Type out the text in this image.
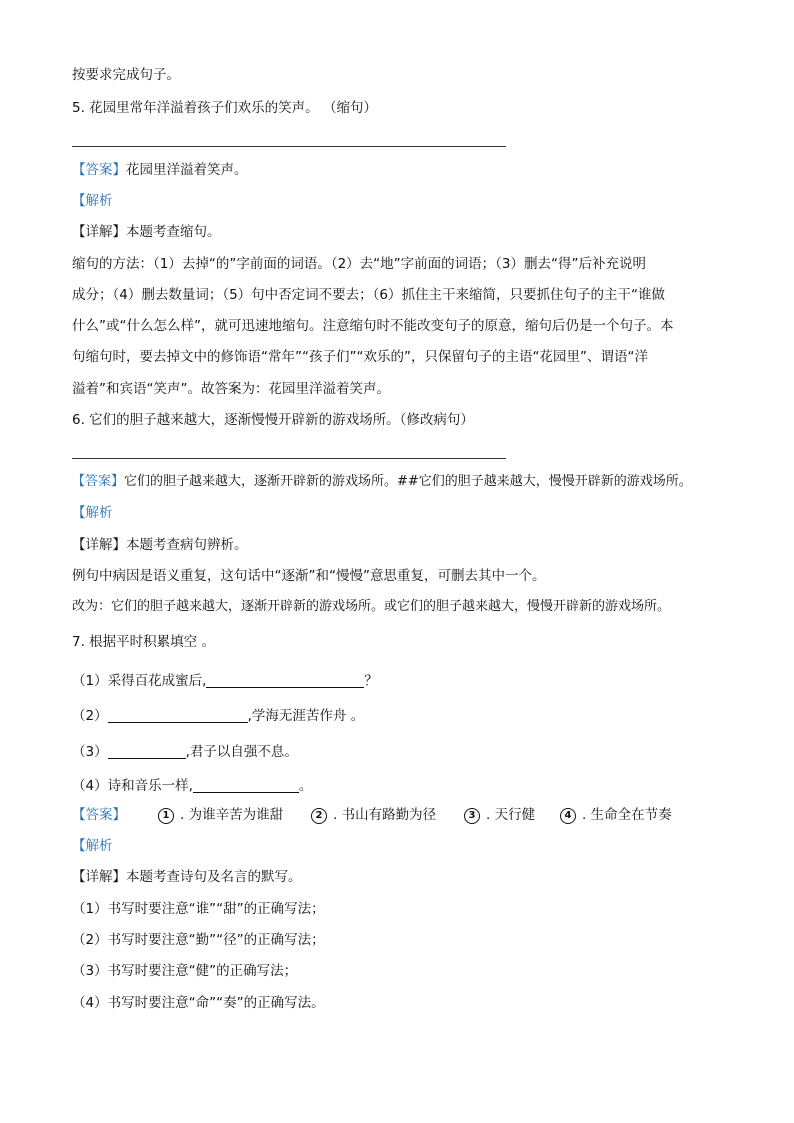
按要求完成句子。
5. 花园里常年洋溢着孩子们欢乐的笑声。 （缩句）
【答案】花园里洋溢着笑声。
【解析
【详解】本题考查缩句。
缩句的方法：（1）去掉“的”字前面的词语。（2）去“地”字前面的词语；（3）删去“得”后补充说明
成分；（4）删去数量词；（5）句中否定词不要去；（6）抓住主干来缩简，只要抓住句子的主干“谁做
什么”或“什么怎么样”，就可迅速地缩句。注意缩句时不能改变句子的原意，缩句后仍是一个句子。本
句缩句时，要去掉文中的修饰语“常年”“孩子们”“欢乐的”，只保留句子的主语“花园里”、谓语“洋
溢着”和宾语“笑声”。故答案为：花园里洋溢着笑声。
6. 它们的胆子越来越大，逐渐慢慢开辟新的游戏场所。（修改病句）
【答案】它们的胆子越来越大，逐渐开辟新的游戏场所。##它们的胆子越来越大，慢慢开辟新的游戏场所。
【解析
【详解】本题考查病句辨析。
例句中病因是语义重复，这句话中“逐渐”和“慢慢”意思重复，可删去其中一个。
改为：它们的胆子越来越大，逐渐开辟新的游戏场所。或它们的胆子越来越大，慢慢开辟新的游戏场所。
7. 根据平时积累填空 。
（1）采得百花成蜜后,	？
（2）	,学海无涯苦作舟 。
（3）	,君子以自强不息。
（4）诗和音乐一样,	。
【答案】	1 . 为谁辛苦为谁甜	2 . 书山有路勤为径	3 . 天行健	4 . 生命全在节奏
【解析
【详解】本题考查诗句及名言的默写。
（1）书写时要注意“谁”“甜”的正确写法；
（2）书写时要注意“勤”“径”的正确写法；
（3）书写时要注意“健”的正确写法；
（4）书写时要注意“命”“奏”的正确写法。
